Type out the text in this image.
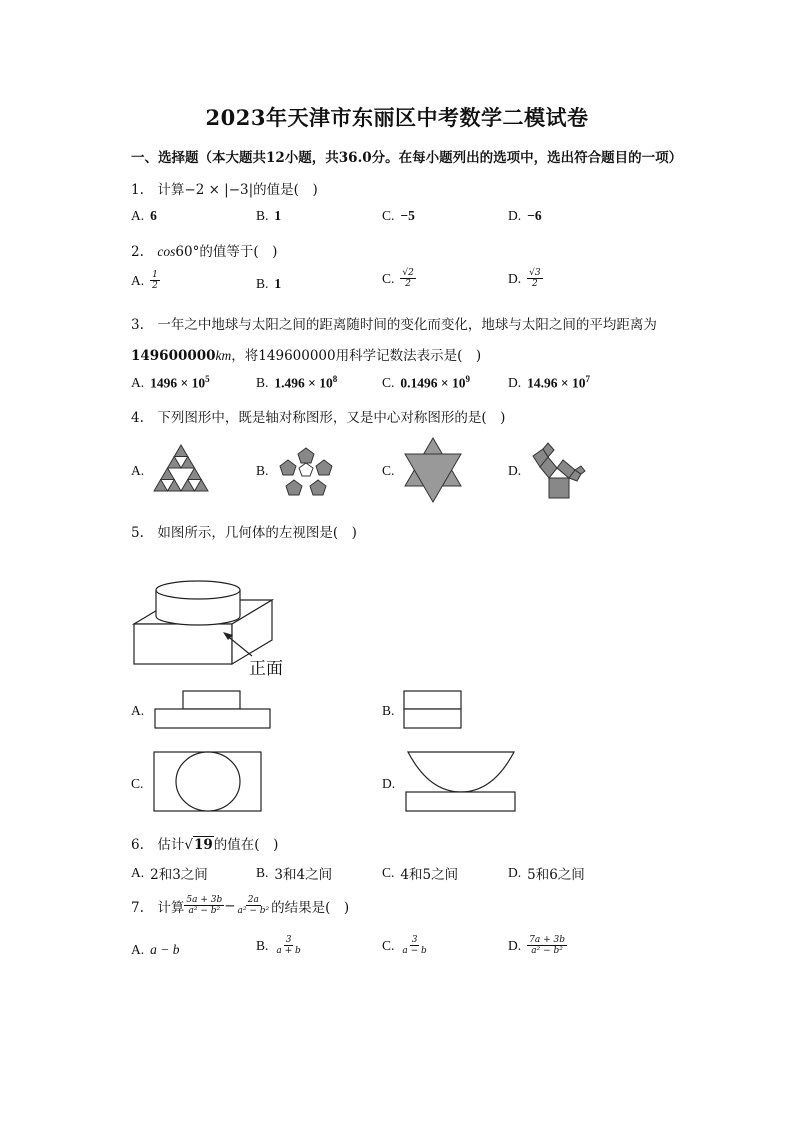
2023年天津市东丽区中考数学二模试卷
一、选择题（本大题共12小题，共36.0分。在每小题列出的选项中，选出符合题目的一项）
1.　计算−2 × |−3|的值是(　)
A. 6	B. 1	C. −5	D. −6
2.　cos60°的值等于(　)
A. $\frac{1}{2}$	B. 1	C. $\frac{√2}{2}$	D. $\frac{√3}{2}$
3.　一年之中地球与太阳之间的距离随时间的变化而变化，地球与太阳之间的平均距离为
149600000km，将149600000用科学记数法表示是(　)
A. $1496 \times 10^5$	B. $1.496 \times 10^8$	C. $0.1496 \times 10^9$	D. $14.96 \times 10^7$
4.　下列图形中，既是轴对称图形，又是中心对称图形的是(　)
A.	B.	C.	D.
5.　如图所示，几何体的左视图是(　)
正面
A.	B.
C.	D.
6.　估计√ 19 的值在(　)
A. 2和3之间	B. 3和4之间	C. 4和5之间	D. 5和6之间
7.　计算 $\frac{5a + 3b}{\text{a² − b²}} - \frac{2a}{\text{a² − b²}}$ 的结果是(　)
A. a − b	B. $\frac{3}{a + b}$	C. $\frac{3}{a - b}$	D. $\frac{7a + 3b}{\text{a² − b²}}$
